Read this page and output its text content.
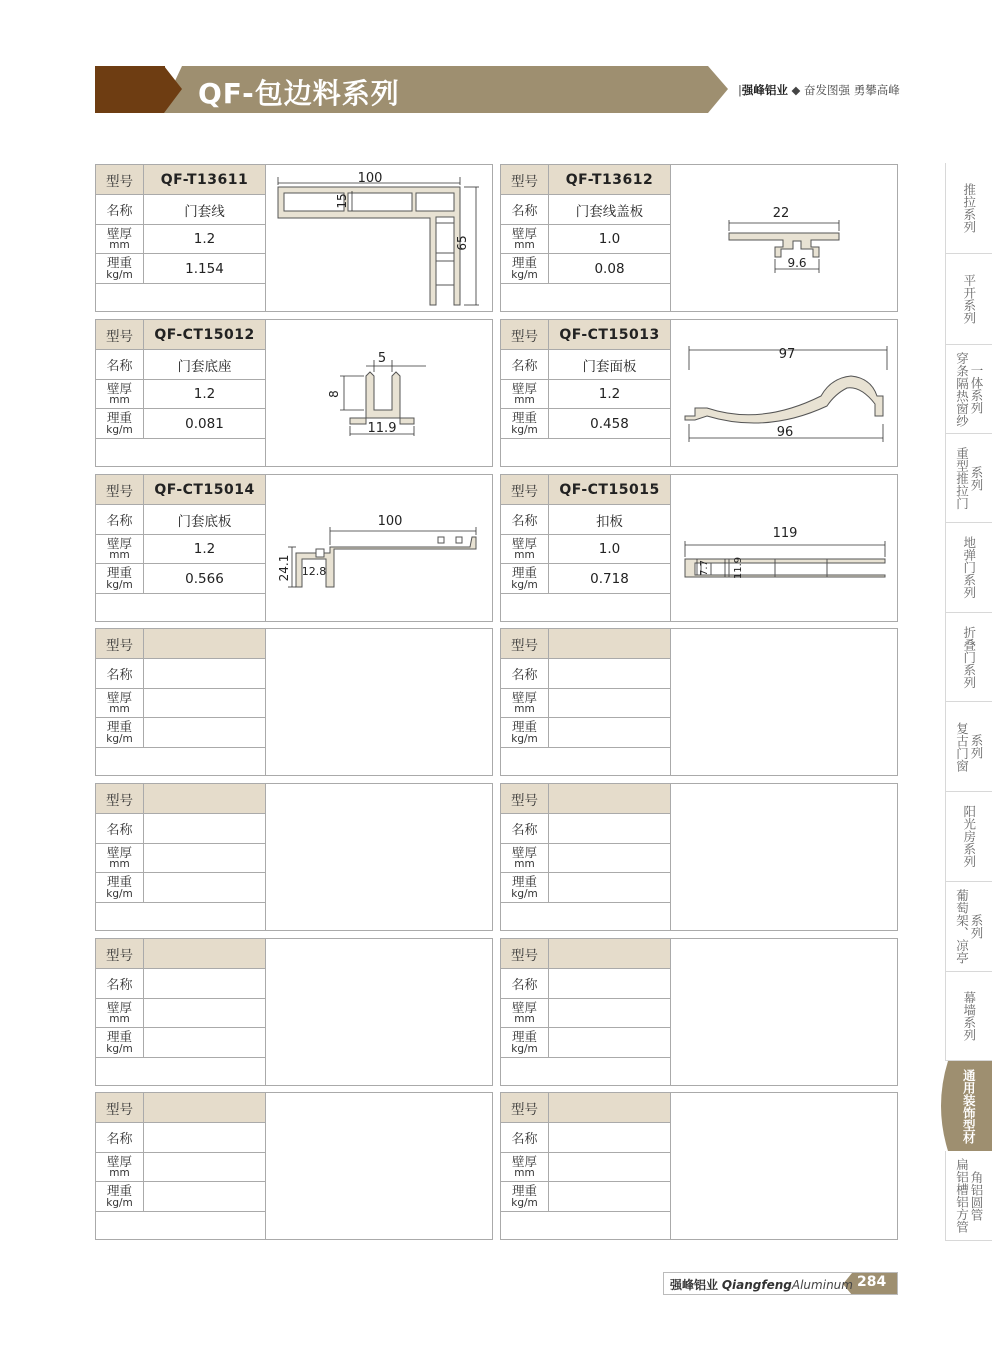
QF-包边料系列	|强峰铝业 ◆ 奋发图强 勇攀高峰
型号	QF-T13611
名称	门套线
壁厚
mm	1.2
理重
kg/m	1.154
100
15
65
型号	QF-T13612
名称	门套线盖板
壁厚
mm	1.0
理重
kg/m	0.08
22
9.6
型号	QF-CT15012
名称	门套底座
壁厚
mm	1.2
理重
kg/m	0.081
5
8
11.9
型号	QF-CT15013
名称	门套面板
壁厚
mm	1.2
理重
kg/m	0.458
97
96
型号	QF-CT15014
名称	门套底板
壁厚
mm	1.2
理重
kg/m	0.566
100
24.1 12.8
型号	QF-CT15015
名称	扣板
壁厚
mm	1.0
理重
kg/m	0.718
119
7.7 11.9
型号
名称
壁厚
mm
理重
kg/m
型号
名称
壁厚
mm
理重
kg/m
型号
名称
壁厚
mm
理重
kg/m
型号
名称
壁厚
mm
理重
kg/m
型号
名称
壁厚
mm
理重
kg/m
型号
名称
壁厚
mm
理重
kg/m
型号
名称
壁厚
mm
理重
kg/m
型号
名称
壁厚
mm
理重
kg/m
推拉系列
平开系列
穿条隔热窗纱 一体系列
重型推拉门 系列
地弹门系列
折叠门系列
复古门窗 系列
阳光房系列
葡萄架、凉亭 系列
幕墙系列
通用装饰型材
扁铝槽铝方管 角铝圆管
强峰铝业 QiangfengAluminum 284
